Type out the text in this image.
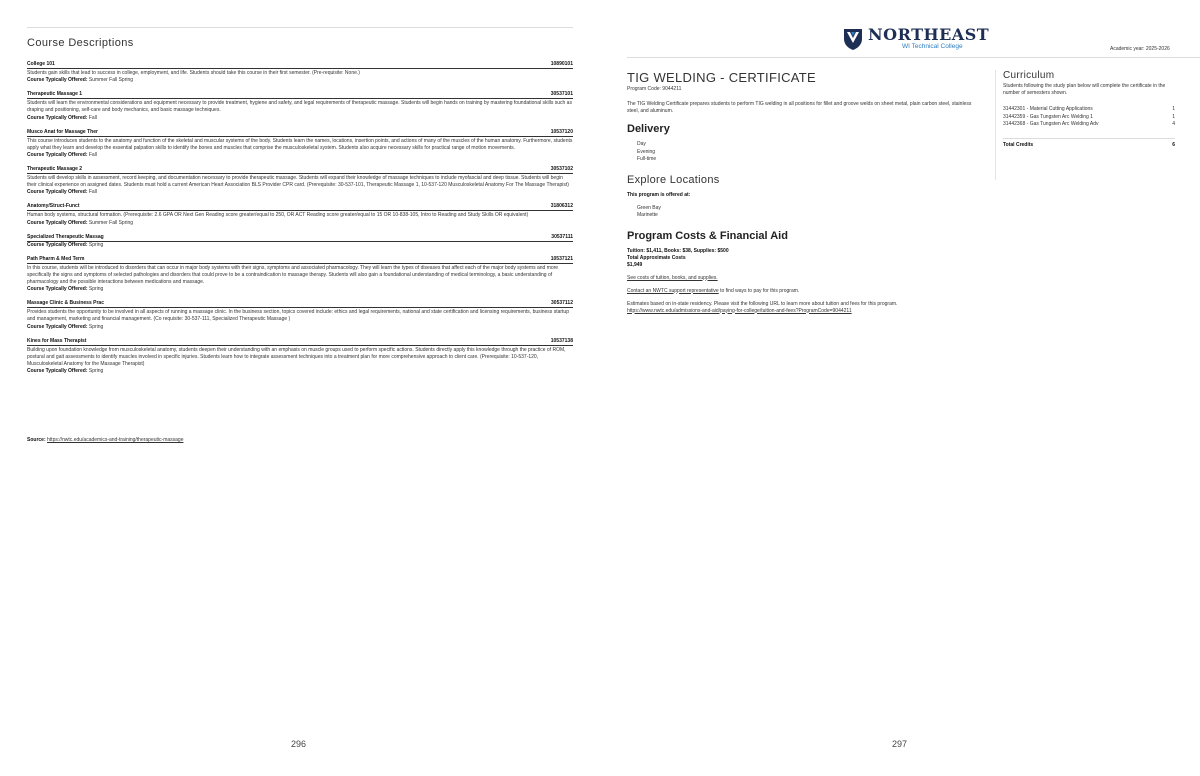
Course Descriptions
College 101	10890101
Students gain skills that lead to success in college, employment, and life. Students should take this course in their first semester. (Pre-requisite: None.)
Course Typically Offered: Summer Fall Spring
Therapeutic Massage 1	30537101
Students will learn the environmental considerations and equipment necessary to provide treatment, hygiene and safety, and legal requirements of therapeutic massage. Students will begin hands on training by mastering foundational skills such as draping and positioning, self-care and body mechanics, and basic massage techniques.
Course Typically Offered: Fall
Musco Anat for Massage Ther	10537120
This course introduces students to the anatomy and function of the skeletal and muscular systems of the body. Students learn the names, locations, insertion points, and actions of many of the muscles of the human anatomy. Furthermore, students apply what they learn and develop the essential palpation skills to identify the bones and muscles that comprise the musculoskeletal system. Students also acquire necessary skills for practical range of motion movements.
Course Typically Offered: Fall
Therapeutic Massage 2	30537102
Students will develop skills in assessment, record keeping, and documentation necessary to provide therapeutic massage. Students will expand their knowledge of massage techniques to include myofascial and deep tissue. Students will begin their clinical experience on assigned dates. Students must hold a current American Heart Association BLS Provider CPR card. (Prerequisite: 30-537-101, Therapeutic Massage 1, 10-537-120 Musculoskeletal Anatomy For The Massage Therapist)
Course Typically Offered: Fall
Anatomy/Struct-Funct	31806312
Human body systems, structural formation. (Prerequisite: 2.6 GPA OR Next Gen Reading score greater/equal to 250, OR ACT Reading score greater/equal to 15 OR 10-838-105, Intro to Reading and Study Skills OR equivalent)
Course Typically Offered: Summer Fall Spring
Specialized Therapeutic Massag	30537111
Course Typically Offered: Spring
Path Pharm & Med Term	10537121
In this course, students will be introduced to disorders that can occur in major body systems with their signs, symptoms and associated pharmacology. They will learn the types of diseases that affect each of the major body systems and more specifically the signs and symptoms of selected pathologies and disorders that could prove to be a contraindication to massage therapy. Students will also gain a foundational understanding of medical terminology, a basic understanding of pharmacology and the possible interactions between medications and massage.
Course Typically Offered: Spring
Massage Clinic & Business Prac	30537112
Provides students the opportunity to be involved in all aspects of running a massage clinic. In the business section, topics covered include: ethics and legal requirements, national and state certification and licensing requirements, business startup and management, marketing and financial management. (Co requisite: 30-537-111, Specialized Therapeutic Massage )
Course Typically Offered: Spring
Kines for Mass Therapist	10537138
Building upon foundation knowledge from musculoskeletal anatomy, students deepen their understanding with an emphasis on muscle groups used to perform specific actions. Students directly apply this knowledge through the practice of ROM, postural and gait assessments to identify muscles involved in specific injuries. Students learn how to integrate assessment techniques into a treatment plan for more comprehensive approach to client care. (Prerequisite: 10-537-120, Musculoskeletal Anatomy for the Massage Therapist)
Course Typically Offered: Spring
Source: https://nwtc.edu/academics-and-training/therapeutic-massage
296
NORTHEAST
WI Technical College	Academic year: 2025-2026
TIG WELDING - CERTIFICATE
Program Code: 9044211
The TIG Welding Certificate prepares students to perform TIG welding in all positions for fillet and groove welds on sheet metal, plain carbon steel, stainless steel, and aluminum.
Delivery
Day
Evening
Full-time
Explore Locations
This program is offered at:
Green Bay
Marinette
Program Costs & Financial Aid
Tuition: $1,411, Books: $38, Supplies: $500
Total Approximate Costs
$1,949
See costs of tuition, books, and supplies.
Contact an NWTC support representative to find ways to pay for this program.
Estimates based on in-state residency. Please visit the following URL to learn more about tuition and fees for this program.
https://www.nwtc.edu/admissions-and-aid/paying-for-college/tuition-and-fees?ProgramCode=9044211
Curriculum
Students following the study plan below will complete the certificate in the number of semesters shown.
31442301 - Material Cutting Applications	1
31442359 - Gas Tungsten Arc Welding 1	1
31442368 - Gas Tungsten Arc Welding Adv	4
Total Credits	6
297
